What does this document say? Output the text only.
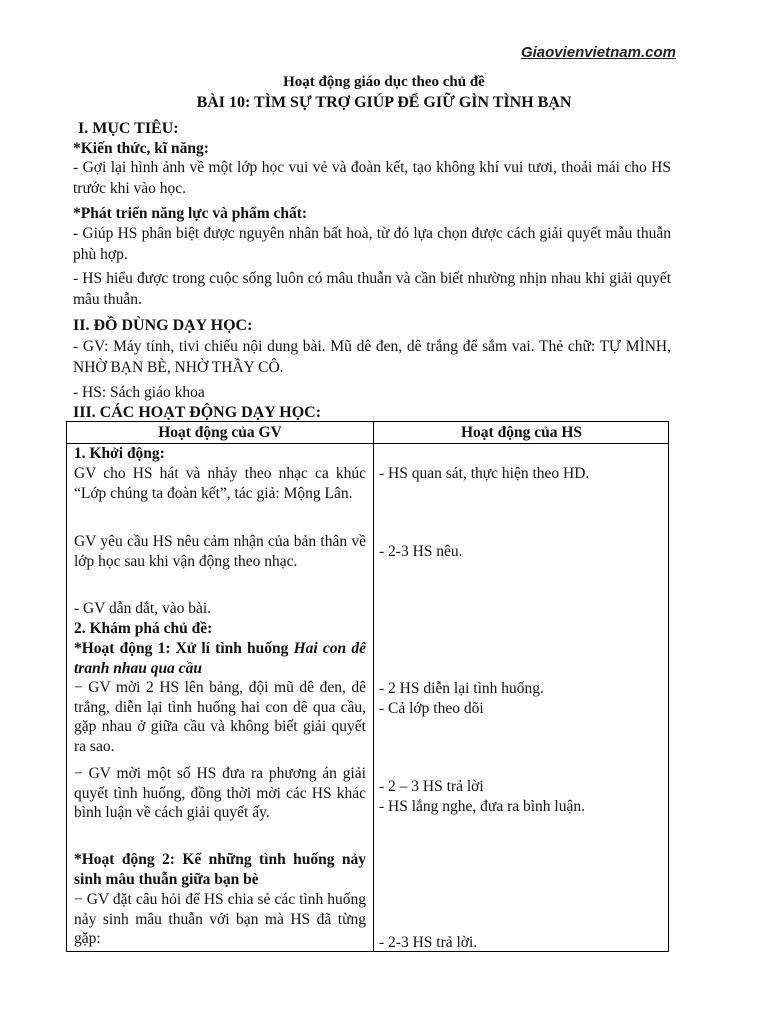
Giaovienvietnam.com
Hoạt động giáo dục theo chủ đề
BÀI 10: TÌM SỰ TRỢ GIÚP ĐỂ GIỮ GÌN TÌNH BẠN
I. MỤC TIÊU:
*Kiến thức, kĩ năng:
- Gợi lại hình ảnh về một lớp học vui vẻ và đoàn kết, tạo không khí vui tươi, thoải mái cho HS trước khi vào học.
*Phát triển năng lực và phẩm chất:
- Giúp HS phân biệt được nguyên nhân bất hoà, từ đó lựa chọn được cách giải quyết mẫu thuẫn phù hợp.
- HS hiểu được trong cuộc sống luôn có mâu thuẫn và cần biết nhường nhịn nhau khi giải quyết mâu thuẫn.
II. ĐỒ DÙNG DẠY HỌC:
- GV: Máy tính, tivi chiếu nội dung bài. Mũ dê đen, dê trắng để sắm vai. Thẻ chữ: TỰ MÌNH, NHỜ BẠN BÈ, NHỜ THẦY CÔ.
- HS: Sách giáo khoa
III. CÁC HOẠT ĐỘNG DẠY HỌC:
Hoạt động của GV	Hoạt động của HS
1. Khởi động:
GV cho HS hát và nhảy theo nhạc ca khúc “Lớp chúng ta đoàn kết”, tác giả: Mộng Lân.
GV yêu cầu HS nêu cảm nhận của bản thân về lớp học sau khi vận động theo nhạc.
- GV dẫn dắt, vào bài.
2. Khám phá chủ đề:
*Hoạt động 1: Xử lí tình huống Hai con dê tranh nhau qua cầu
− GV mời 2 HS lên bảng, đội mũ dê đen, dê trắng, diễn lại tình huống hai con dê qua cầu, gặp nhau ở giữa cầu và không biết giải quyết ra sao.
− GV mời một số HS đưa ra phương án giải quyết tình huống, đồng thời mời các HS khác bình luận về cách giải quyết ấy.
*Hoạt động 2: Kể những tình huống nảy sinh mâu thuẫn giữa bạn bè
− GV đặt câu hỏi để HS chia sẻ các tình huống nảy sinh mâu thuẫn với bạn mà HS đã từng gặp:
- HS quan sát, thực hiện theo HD.
- 2-3 HS nêu.
- 2 HS diễn lại tình huống.
- Cả lớp theo dõi
- 2 – 3 HS trả lời
- HS lắng nghe, đưa ra bình luận.
- 2-3 HS trả lời.
